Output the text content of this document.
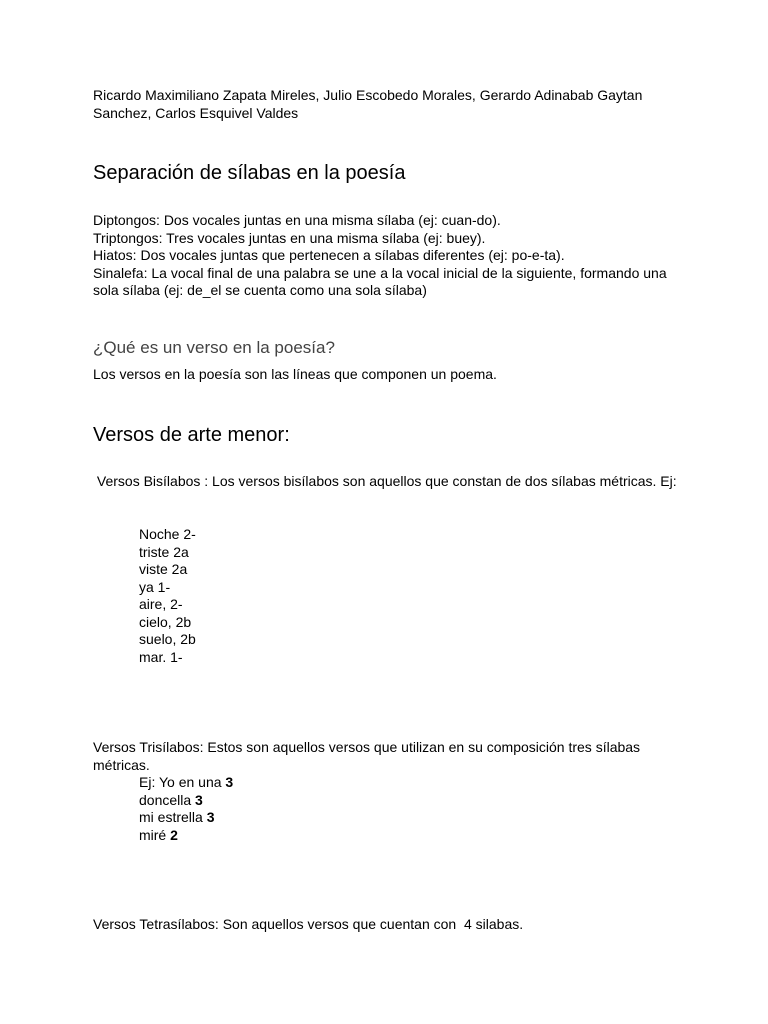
Ricardo Maximiliano Zapata Mireles, Julio Escobedo Morales, Gerardo Adinabab Gaytan Sanchez, Carlos Esquivel Valdes
Separación de sílabas en la poesía
Diptongos: Dos vocales juntas en una misma sílaba (ej: cuan-do).
Triptongos: Tres vocales juntas en una misma sílaba (ej: buey).
Hiatos: Dos vocales juntas que pertenecen a sílabas diferentes (ej: po-e-ta).
Sinalefa: La vocal final de una palabra se une a la vocal inicial de la siguiente, formando una sola sílaba (ej: de_el se cuenta como una sola sílaba)
¿Qué es un verso en la poesía?
Los versos en la poesía son las líneas que componen un poema.
Versos de arte menor:
Versos Bisílabos : Los versos bisílabos son aquellos que constan de dos sílabas métricas. Ej:
Noche 2-
triste 2a
viste 2a
ya 1-
aire, 2-
cielo, 2b
suelo, 2b
mar. 1-
Versos Trisílabos: Estos son aquellos versos que utilizan en su composición tres sílabas métricas.
Ej: Yo en una 3
doncella 3
mi estrella 3
miré 2
Versos Tetrasílabos: Son aquellos versos que cuentan con  4 silabas.
